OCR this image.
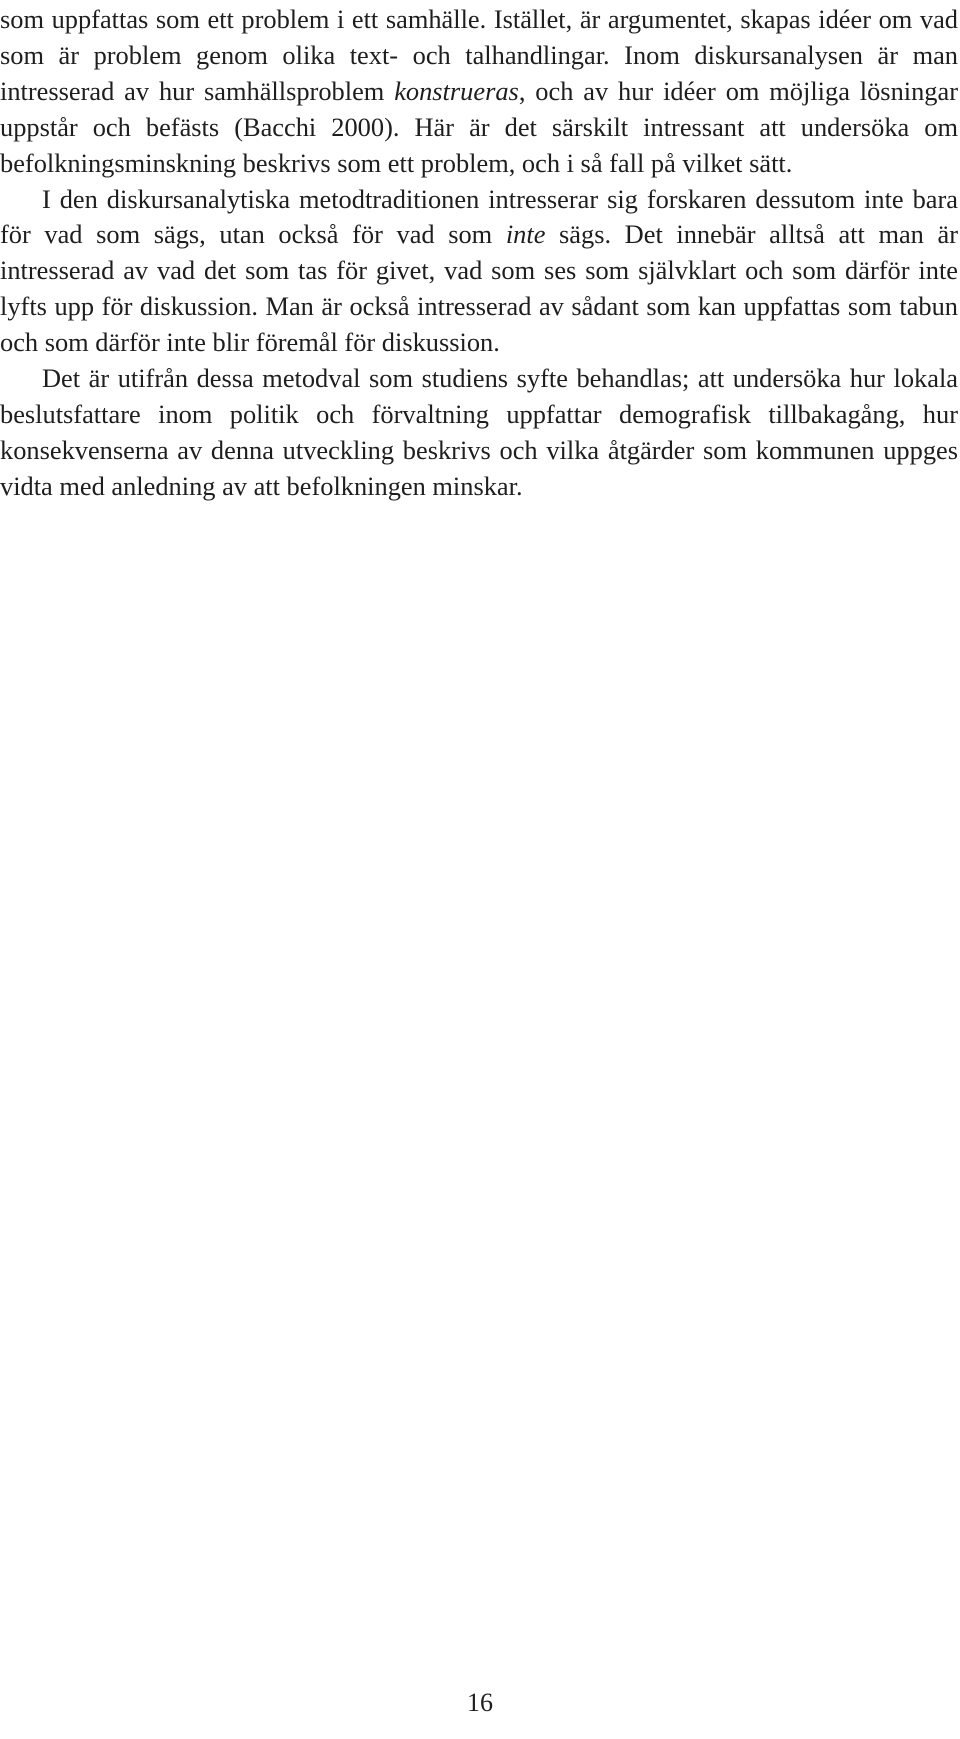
som uppfattas som ett problem i ett samhälle. Istället, är argumentet, skapas idéer om vad som är problem genom olika text- och talhandlingar. Inom diskursanalysen är man intresserad av hur samhällsproblem konstrueras, och av hur idéer om möjliga lösningar uppstår och befästs (Bacchi 2000). Här är det särskilt intressant att undersöka om befolkningsminskning beskrivs som ett problem, och i så fall på vilket sätt.

I den diskursanalytiska metodtraditionen intresserar sig forskaren dessutom inte bara för vad som sägs, utan också för vad som inte sägs. Det innebär alltså att man är intresserad av vad det som tas för givet, vad som ses som självklart och som därför inte lyfts upp för diskussion. Man är också intresserad av sådant som kan uppfattas som tabun och som därför inte blir föremål för diskussion.

Det är utifrån dessa metodval som studiens syfte behandlas; att undersöka hur lokala beslutsfattare inom politik och förvaltning uppfattar demografisk tillbakagång, hur konsekvenserna av denna utveckling beskrivs och vilka åtgärder som kommunen uppges vidta med anledning av att befolkningen minskar.

16
